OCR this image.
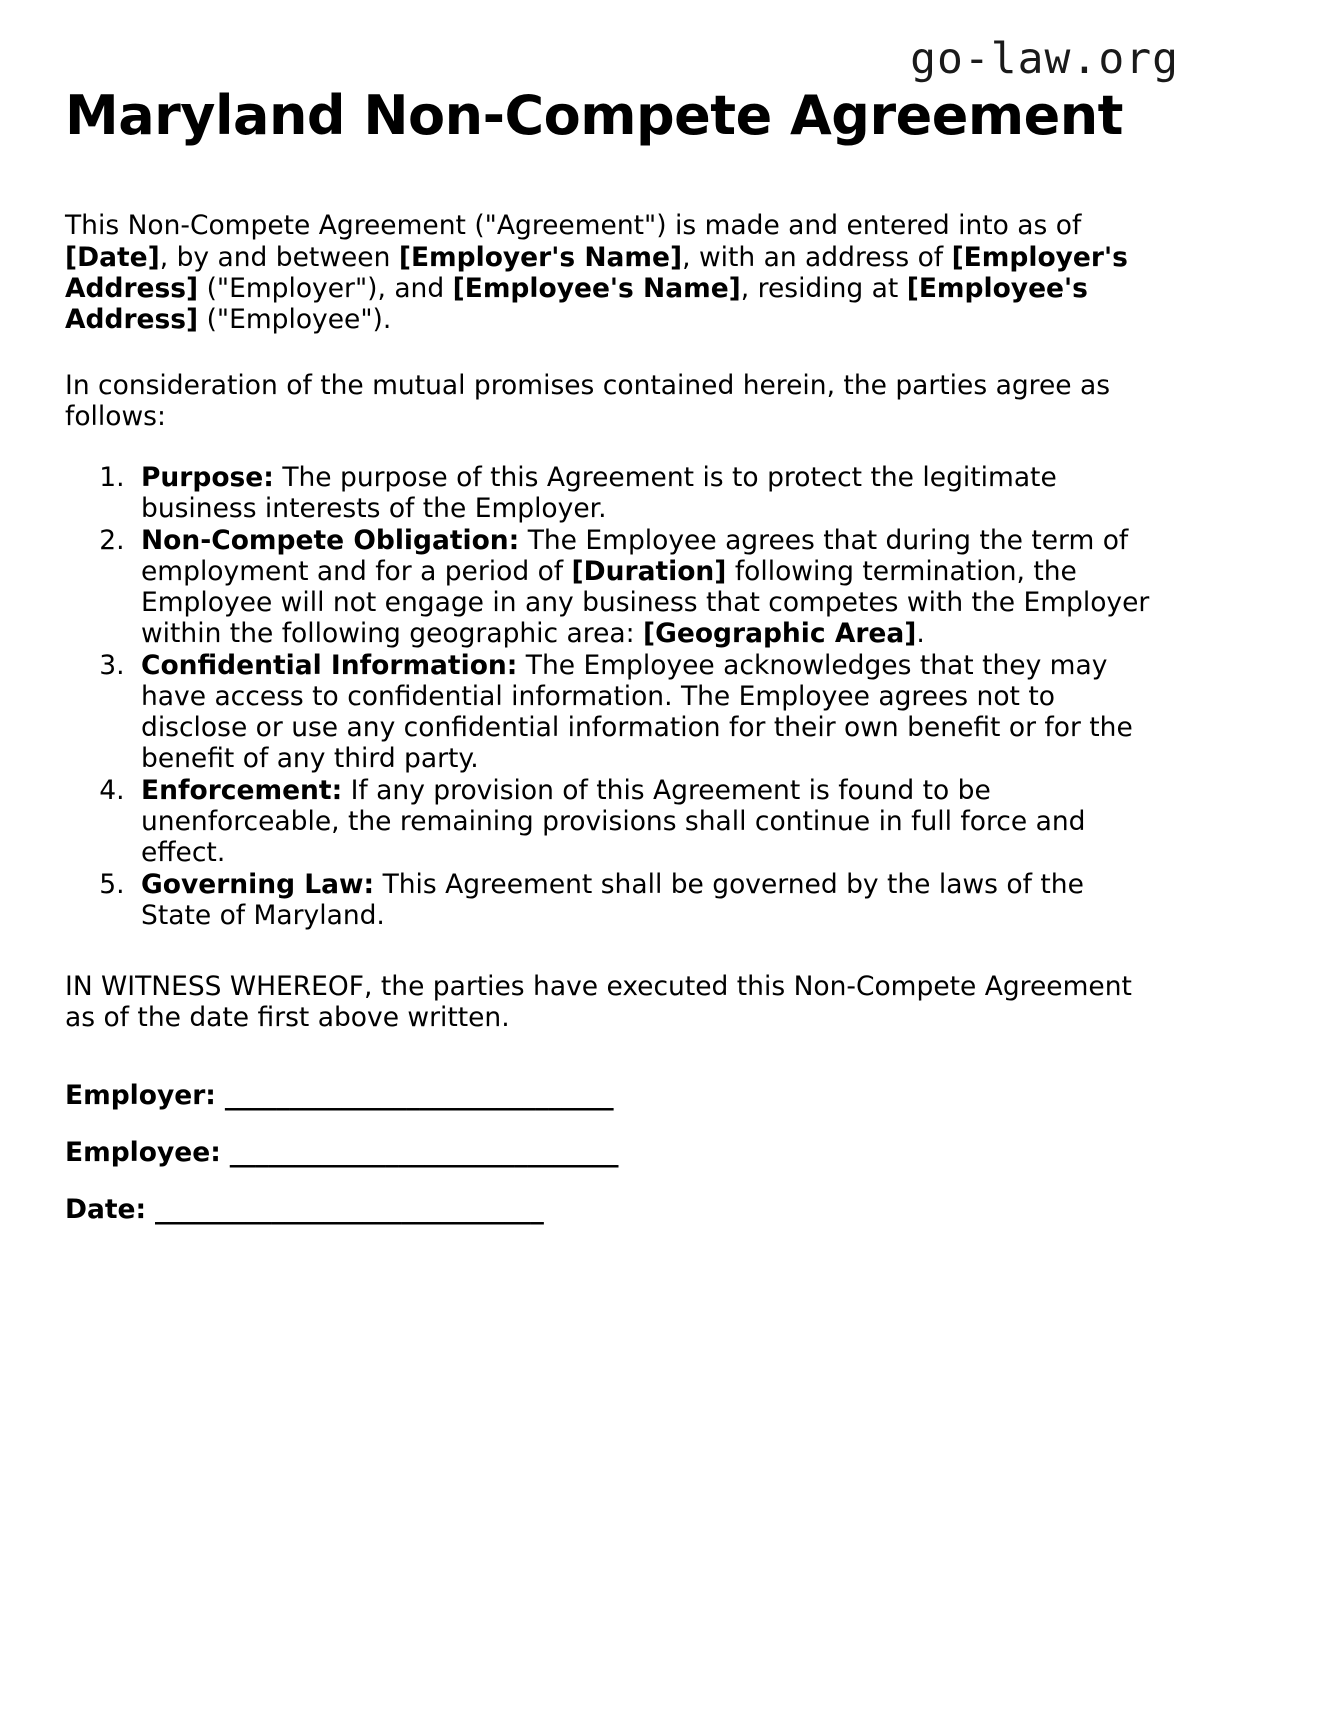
go-law.org
Maryland Non-Compete Agreement

This Non-Compete Agreement ("Agreement") is made and entered into as of [Date], by and between [Employer's Name], with an address of [Employer's Address] ("Employer"), and [Employee's Name], residing at [Employee's Address] ("Employee").

In consideration of the mutual promises contained herein, the parties agree as follows:

1. Purpose: The purpose of this Agreement is to protect the legitimate business interests of the Employer.
2. Non-Compete Obligation: The Employee agrees that during the term of employment and for a period of [Duration] following termination, the Employee will not engage in any business that competes with the Employer within the following geographic area: [Geographic Area].
3. Confidential Information: The Employee acknowledges that they may have access to confidential information. The Employee agrees not to disclose or use any confidential information for their own benefit or for the benefit of any third party.
4. Enforcement: If any provision of this Agreement is found to be unenforceable, the remaining provisions shall continue in full force and effect.
5. Governing Law: This Agreement shall be governed by the laws of the State of Maryland.

IN WITNESS WHEREOF, the parties have executed this Non-Compete Agreement as of the date first above written.

Employer: ______________________________

Employee: ______________________________

Date: ______________________________
